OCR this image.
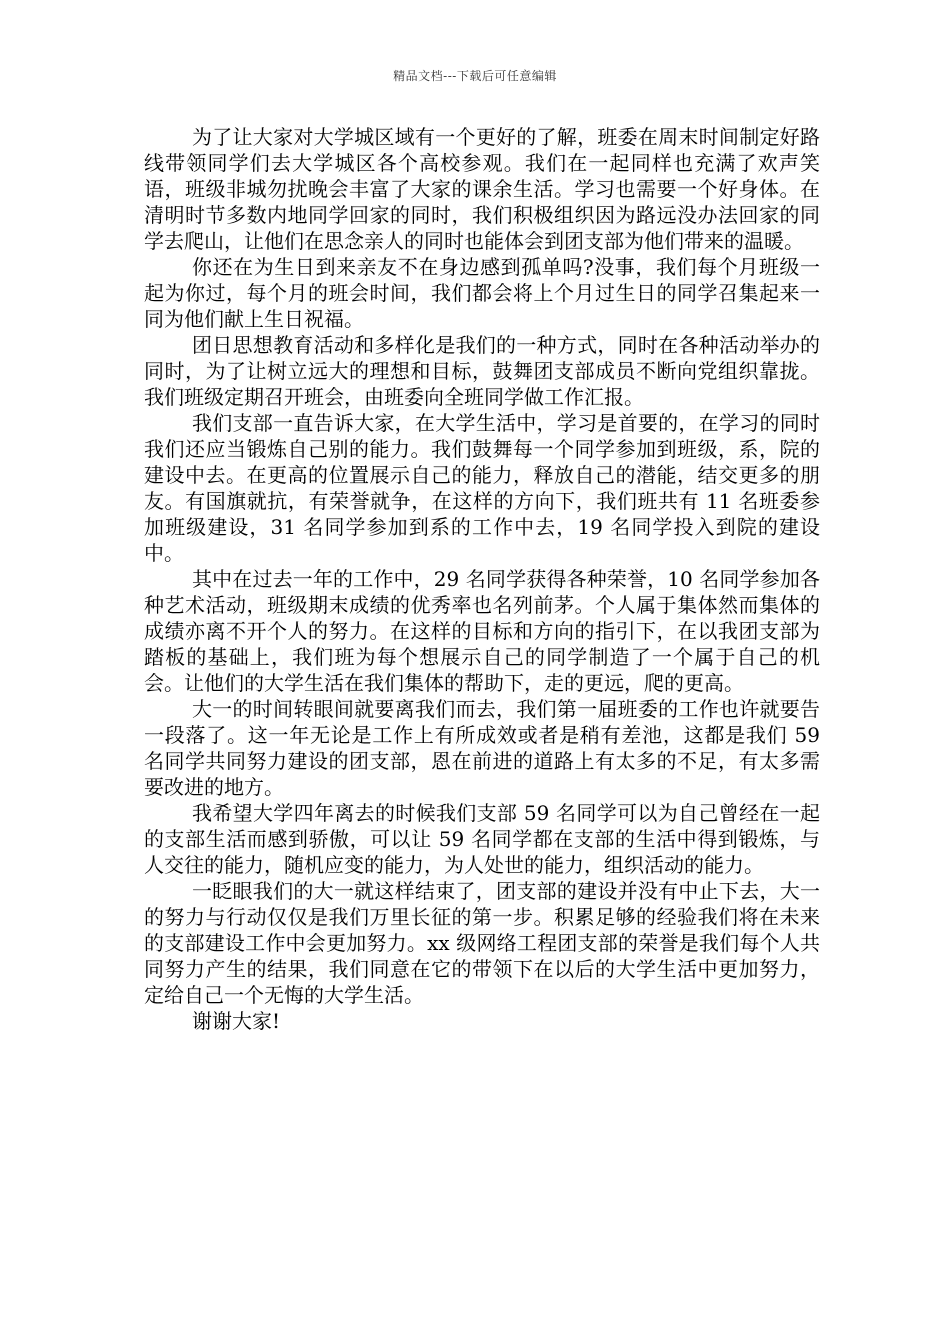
精品文档---下载后可任意编辑

为了让大家对大学城区域有一个更好的了解，班委在周末时间制定好路线带领同学们去大学城区各个高校参观。我们在一起同样也充满了欢声笑语，班级非城勿扰晚会丰富了大家的课余生活。学习也需要一个好身体。在清明时节多数内地同学回家的同时，我们积极组织因为路远没办法回家的同学去爬山，让他们在思念亲人的同时也能体会到团支部为他们带来的温暖。

你还在为生日到来亲友不在身边感到孤单吗?没事，我们每个月班级一起为你过，每个月的班会时间，我们都会将上个月过生日的同学召集起来一同为他们献上生日祝福。

团日思想教育活动和多样化是我们的一种方式，同时在各种活动举办的同时，为了让树立远大的理想和目标，鼓舞团支部成员不断向党组织靠拢。我们班级定期召开班会，由班委向全班同学做工作汇报。

我们支部一直告诉大家，在大学生活中，学习是首要的，在学习的同时我们还应当锻炼自己别的能力。我们鼓舞每一个同学参加到班级，系，院的建设中去。在更高的位置展示自己的能力，释放自己的潜能，结交更多的朋友。有国旗就抗，有荣誉就争，在这样的方向下，我们班共有 11 名班委参加班级建设，31 名同学参加到系的工作中去，19 名同学投入到院的建设中。

其中在过去一年的工作中，29 名同学获得各种荣誉，10 名同学参加各种艺术活动，班级期末成绩的优秀率也名列前茅。个人属于集体然而集体的成绩亦离不开个人的努力。在这样的目标和方向的指引下，在以我团支部为踏板的基础上，我们班为每个想展示自己的同学制造了一个属于自己的机会。让他们的大学生活在我们集体的帮助下，走的更远，爬的更高。

大一的时间转眼间就要离我们而去，我们第一届班委的工作也许就要告一段落了。这一年无论是工作上有所成效或者是稍有差池，这都是我们 59 名同学共同努力建设的团支部，恩在前进的道路上有太多的不足，有太多需要改进的地方。

我希望大学四年离去的时候我们支部 59 名同学可以为自己曾经在一起的支部生活而感到骄傲，可以让 59 名同学都在支部的生活中得到锻炼，与人交往的能力，随机应变的能力，为人处世的能力，组织活动的能力。

一眨眼我们的大一就这样结束了，团支部的建设并没有中止下去，大一的努力与行动仅仅是我们万里长征的第一步。积累足够的经验我们将在未来的支部建设工作中会更加努力。xx 级网络工程团支部的荣誉是我们每个人共同努力产生的结果，我们同意在它的带领下在以后的大学生活中更加努力，定给自己一个无悔的大学生活。

谢谢大家!
